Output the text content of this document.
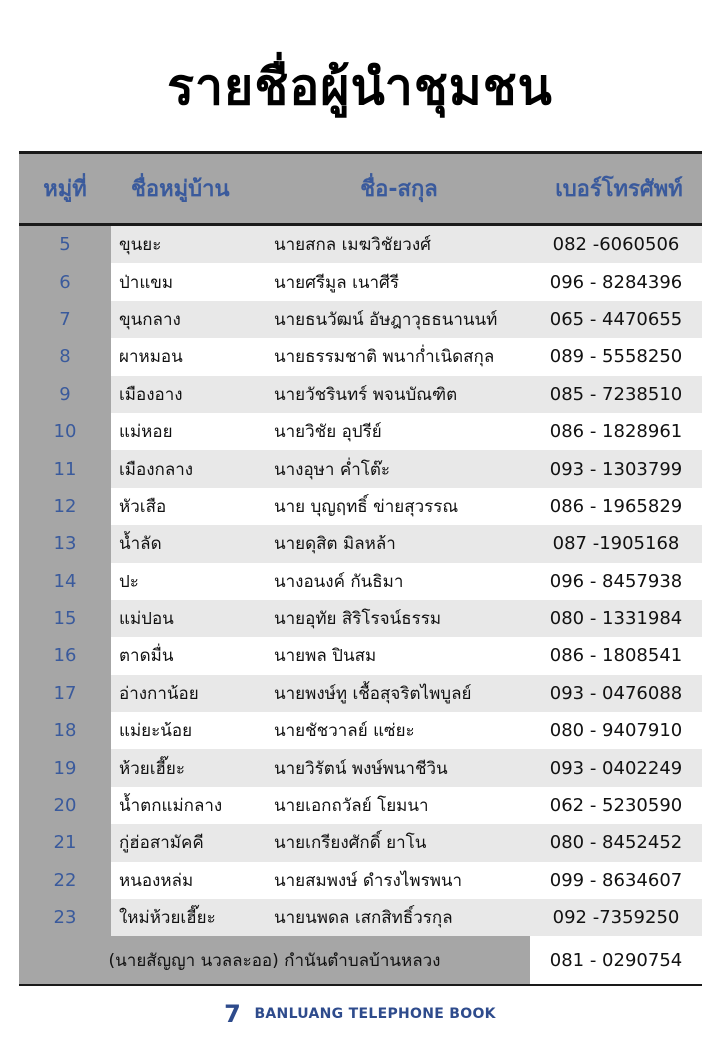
รายชื่อผู้นำชุมชน
หมู่ที่	ชื่อหมู่บ้าน	ชื่อ-สกุล	เบอร์โทรศัพท์
5	ขุนยะ	นายสกล เมฆวิชัยวงศ์	082 -6060506
6	ป่าแขม	นายศรีมูล เนาศีรี	096 - 8284396
7	ขุนกลาง	นายธนวัฒน์ อัษฎาวุธธนานนท์	065 - 4470655
8	ผาหมอน	นายธรรมชาติ พนาก่ำเนิดสกุล	089 - 5558250
9	เมืองอาง	นายวัชรินทร์ พจนบัณฑิต	085 - 7238510
10	แม่หอย	นายวิชัย อุปรีย์	086 - 1828961
11	เมืองกลาง	นางอุษา ค่ำโต๊ะ	093 - 1303799
12	หัวเสือ	นาย บุญฤทธิ์ ข่ายสุวรรณ	086 - 1965829
13	น้ำลัด	นายดุสิต มิลหล้า	087 -1905168
14	ปะ	นางอนงค์ กันธิมา	096 - 8457938
15	แม่ปอน	นายอุทัย สิริโรจน์ธรรม	080 - 1331984
16	ตาดมื่น	นายพล ปินสม	086 - 1808541
17	อ่างกาน้อย	นายพงษ์ทู เชื้อสุจริตไพบูลย์	093 - 0476088
18	แม่ยะน้อย	นายชัชวาลย์ แซ่ยะ	080 - 9407910
19	ห้วยเฮี๊ยะ	นายวิรัตน์ พงษ์พนาชีวิน	093 - 0402249
20	น้ำตกแม่กลาง	นายเอกถวัลย์ โยมนา	062 - 5230590
21	กู่ฮ่อสามัคคี	นายเกรียงศักดิ์ ยาโน	080 - 8452452
22	หนองหล่ม	นายสมพงษ์ ดำรงไพรพนา	099 - 8634607
23	ใหม่ห้วยเฮี๊ยะ	นายนพดล เสกสิทธิ์วรกุล	092 -7359250
(นายสัญญา นวลละออ) กำนันตำบลบ้านหลวง	081 - 0290754
7 BANLUANG TELEPHONE BOOK
